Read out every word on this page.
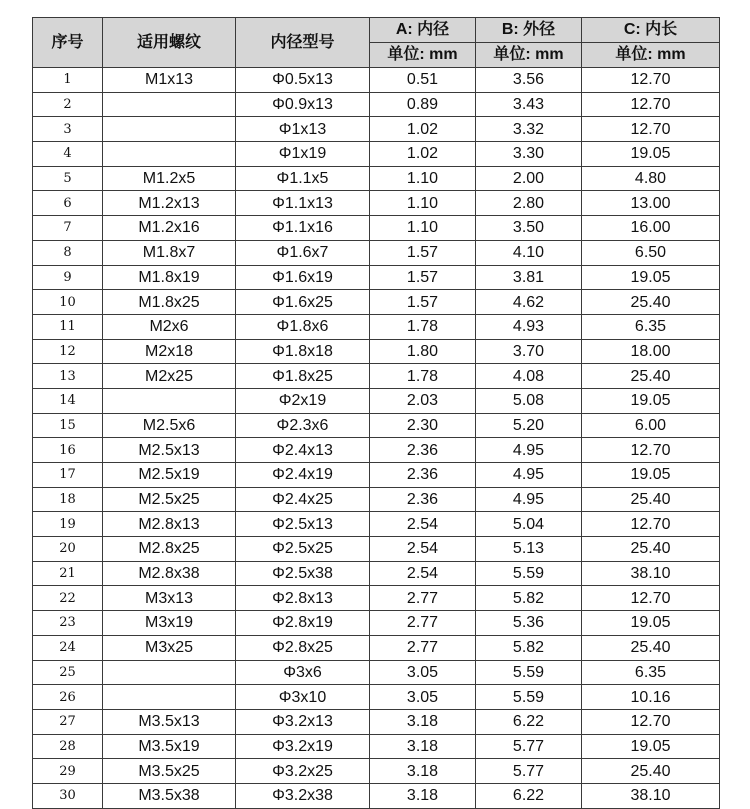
序号	适用螺纹	内径型号	A: 内径	B: 外径	C: 内长
			单位: mm	单位: mm	单位: mm
1	M1x13	Φ0.5x13	0.51	3.56	12.70
2		Φ0.9x13	0.89	3.43	12.70
3		Φ1x13	1.02	3.32	12.70
4		Φ1x19	1.02	3.30	19.05
5	M1.2x5	Φ1.1x5	1.10	2.00	4.80
6	M1.2x13	Φ1.1x13	1.10	2.80	13.00
7	M1.2x16	Φ1.1x16	1.10	3.50	16.00
8	M1.8x7	Φ1.6x7	1.57	4.10	6.50
9	M1.8x19	Φ1.6x19	1.57	3.81	19.05
10	M1.8x25	Φ1.6x25	1.57	4.62	25.40
11	M2x6	Φ1.8x6	1.78	4.93	6.35
12	M2x18	Φ1.8x18	1.80	3.70	18.00
13	M2x25	Φ1.8x25	1.78	4.08	25.40
14		Φ2x19	2.03	5.08	19.05
15	M2.5x6	Φ2.3x6	2.30	5.20	6.00
16	M2.5x13	Φ2.4x13	2.36	4.95	12.70
17	M2.5x19	Φ2.4x19	2.36	4.95	19.05
18	M2.5x25	Φ2.4x25	2.36	4.95	25.40
19	M2.8x13	Φ2.5x13	2.54	5.04	12.70
20	M2.8x25	Φ2.5x25	2.54	5.13	25.40
21	M2.8x38	Φ2.5x38	2.54	5.59	38.10
22	M3x13	Φ2.8x13	2.77	5.82	12.70
23	M3x19	Φ2.8x19	2.77	5.36	19.05
24	M3x25	Φ2.8x25	2.77	5.82	25.40
25		Φ3x6	3.05	5.59	6.35
26		Φ3x10	3.05	5.59	10.16
27	M3.5x13	Φ3.2x13	3.18	6.22	12.70
28	M3.5x19	Φ3.2x19	3.18	5.77	19.05
29	M3.5x25	Φ3.2x25	3.18	5.77	25.40
30	M3.5x38	Φ3.2x38	3.18	6.22	38.10
